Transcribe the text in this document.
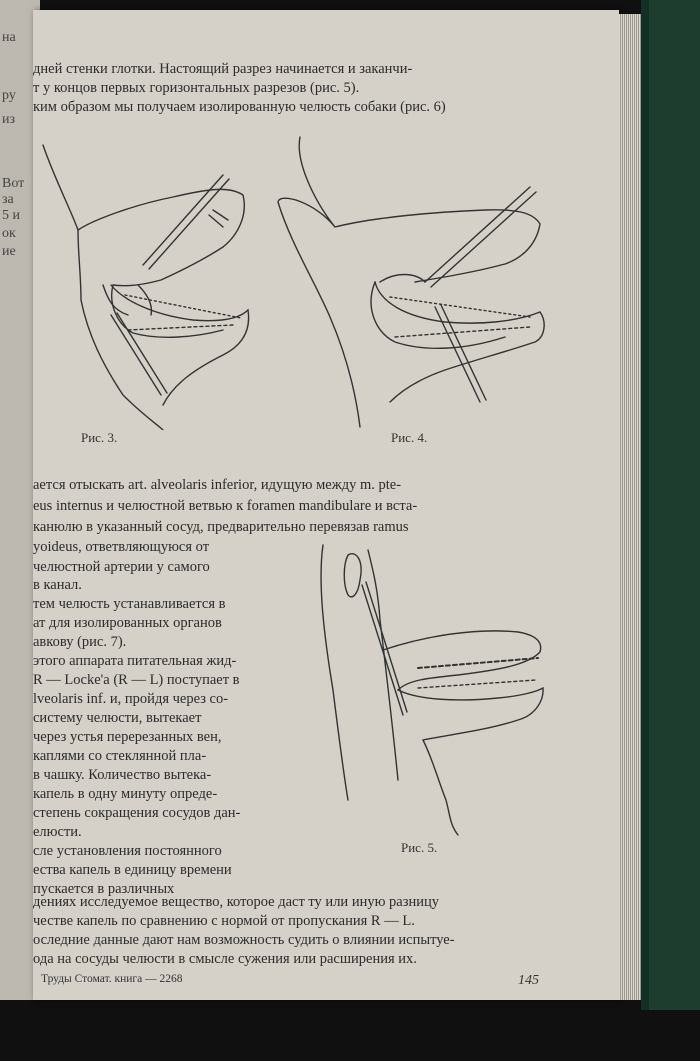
на
ру
из
Вот
за
5 и
ок
ие
дней стенки глотки. Настоящий разрез начинается и заканчи-
т у концов первых горизонтальных разрезов (рис. 5).
ким образом мы получаем изолированную челюсть собаки (рис. 6)
Рис. 3.	Рис. 4.
ается отыскать art. alveolaris inferior, идущую между m. pte-
eus internus и челюстной ветвью к foramen mandibulare и вста-
канюлю в указанный сосуд, предварительно перевязав ramus
yoideus, ответвляющуюся от
челюстной артерии у самого
в канал.
тем челюсть устанавливается в
ат для изолированных органов
авкову (рис. 7).
этого аппарата питательная жид-
R — Locke'a (R — L) поступает в
lveolaris inf. и, пройдя через со-
систему челюсти, вытекает
через устья перерезанных вен,
каплями со стеклянной пла-
в чашку. Количество вытека-
капель в одну минуту опреде-
степень сокращения сосудов дан-
елюсти.
сле установления постоянного
ества капель в единицу времени
пускается в различных
Рис. 5.
дениях исследуемое вещество, которое даст ту или иную разницу
честве капель по сравнению с нормой от пропускания R — L.
оследние данные дают нам возможность судить о влиянии испытуе-
ода на сосуды челюсти в смысле сужения или расширения их.
Труды Стомат. книга — 2268	145
